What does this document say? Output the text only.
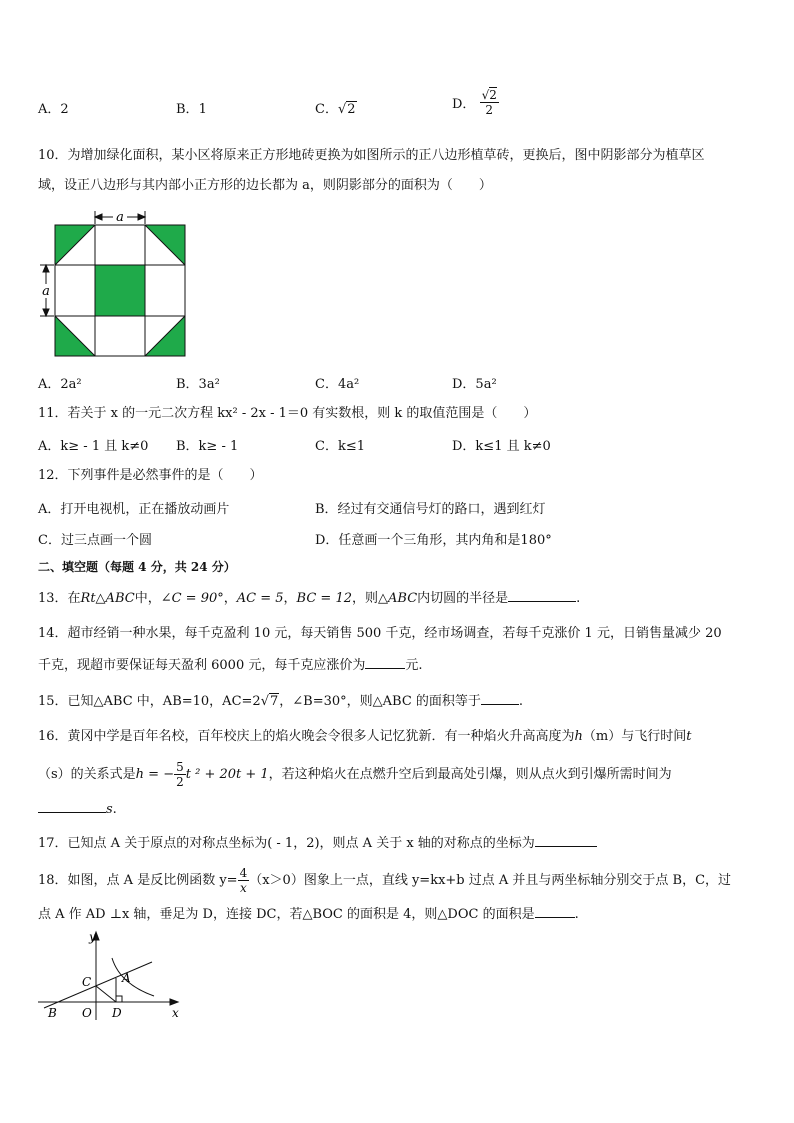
A．2	B．1	C．√2	D． $\frac{√2}{2}$
10．为增加绿化面积，某小区将原来正方形地砖更换为如图所示的正八边形植草砖，更换后，图中阴影部分为植草区
域，设正八边形与其内部小正方形的边长都为 a，则阴影部分的面积为（　　）
a
a
A．2a²	B．3a²	C．4a²	D．5a²
11．若关于 x 的一元二次方程 kx² - 2x - 1＝0 有实数根，则 k 的取值范围是（　　）
A．k≥ - 1 且 k≠0 B．k≥ - 1	C．k≤1	D．k≤1 且 k≠0
12．下列事件是必然事件的是（　　）
A．打开电视机，正在播放动画片	B．经过有交通信号灯的路口，遇到红灯
C．过三点画一个圆	D．任意画一个三角形，其内角和是180°
二、填空题（每题 4 分，共 24 分）
13．在Rt△ABC中，∠C = 90°，AC = 5，BC = 12，则△ABC内切圆的半径是	.
14．超市经销一种水果，每千克盈利 10 元，每天销售 500 千克，经市场调查，若每千克涨价 1 元，日销售量减少 20
千克，现超市要保证每天盈利 6000 元，每千克应涨价为	元.
15．已知△ABC 中，AB=10，AC=2√7，∠B=30°，则△ABC 的面积等于	.
16．黄冈中学是百年名校，百年校庆上的焰火晚会令很多人记忆犹新．有一种焰火升高高度为h（m）与飞行时间t
（s）的关系式是h = − $\frac{5}{2}$ t ² + 20t + 1，若这种焰火在点燃升空后到最高处引爆，则从点火到引爆所需时间为
s.
17．已知点 A 关于原点的对称点坐标为( - 1，2)，则点 A 关于 x 轴的对称点的坐标为
18．如图，点 A 是反比例函数 $y= \frac{4}{x} (x>0)$图象上一点，直线 y=kx+b 过点 A 并且与两坐标轴分别交于点 B，C，过
点 A 作 AD ⊥x 轴，垂足为 D，连接 DC，若△BOC 的面积是 4，则△DOC 的面积是	.
y
x
C	A
B O D
